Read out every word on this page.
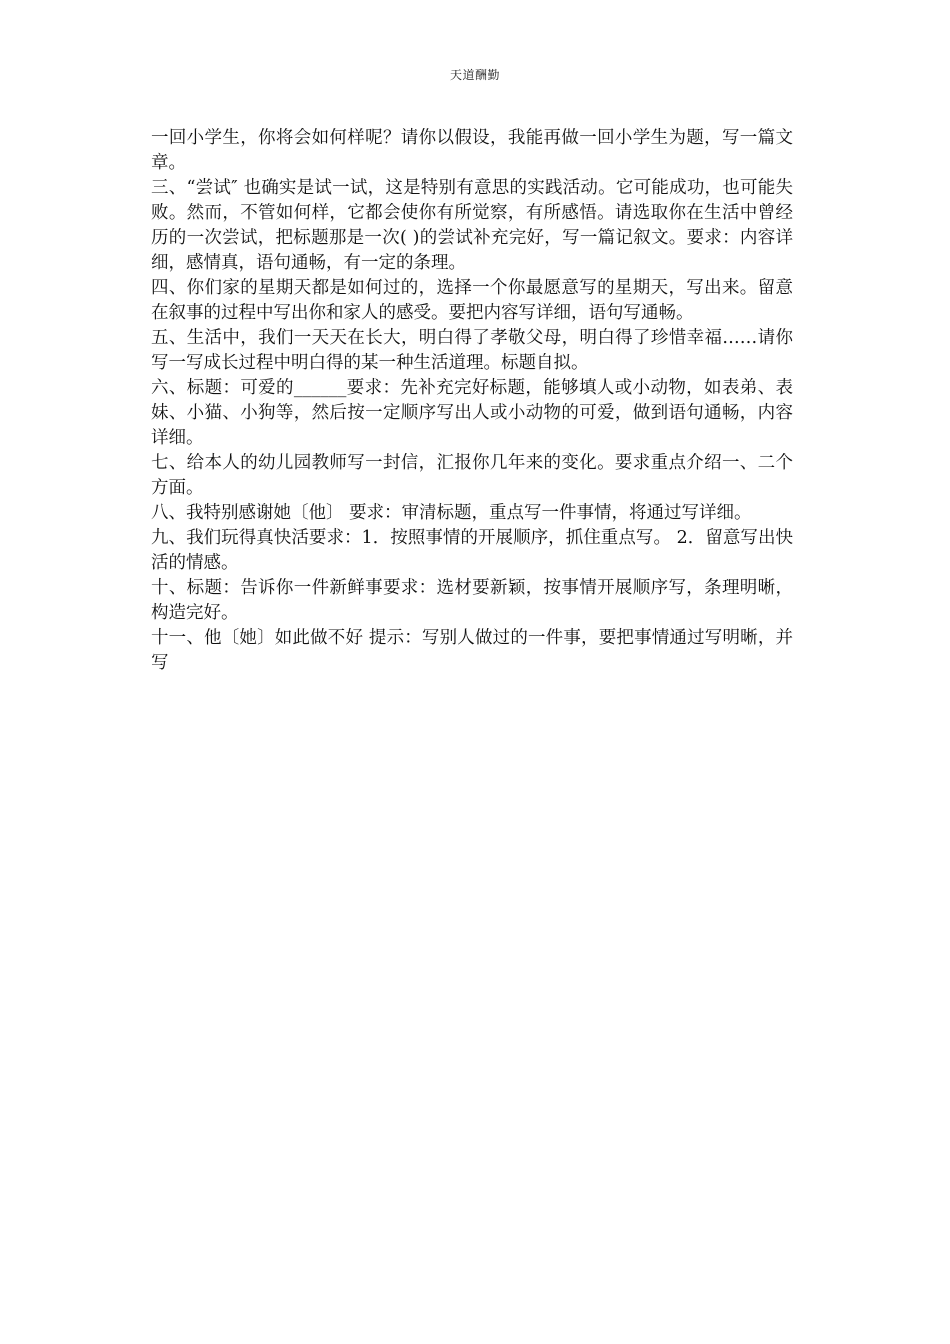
天道酬勤

一回小学生，你将会如何样呢？请你以假设，我能再做一回小学生为题，写一篇文章。

三、“尝试″ 也确实是试一试，这是特别有意思的实践活动。它可能成功，也可能失败。然而，不管如何样，它都会使你有所觉察，有所感悟。请选取你在生活中曾经历的一次尝试，把标题那是一次( )的尝试补充完好，写一篇记叙文。要求：内容详细，感情真，语句通畅，有一定的条理。

四、你们家的星期天都是如何过的，选择一个你最愿意写的星期天，写出来。留意在叙事的过程中写出你和家人的感受。要把内容写详细，语句写通畅。

五、生活中，我们一天天在长大，明白得了孝敬父母，明白得了珍惜幸福……请你写一写成长过程中明白得的某一种生活道理。标题自拟。

六、标题：可爱的______要求：先补充完好标题，能够填人或小动物，如表弟、表妹、小猫、小狗等，然后按一定顺序写出人或小动物的可爱，做到语句通畅，内容详细。

七、给本人的幼儿园教师写一封信，汇报你几年来的变化。要求重点介绍一、二个方面。

八、我特别感谢她〔他〕 要求：审清标题，重点写一件事情，将通过写详细。

九、我们玩得真快活要求：1．按照事情的开展顺序，抓住重点写。 2．留意写出快活的情感。

十、标题：告诉你一件新鲜事要求：选材要新颖，按事情开展顺序写，条理明晰，构造完好。

十一、他〔她〕如此做不好 提示：写别人做过的一件事，要把事情通过写明晰，并写
